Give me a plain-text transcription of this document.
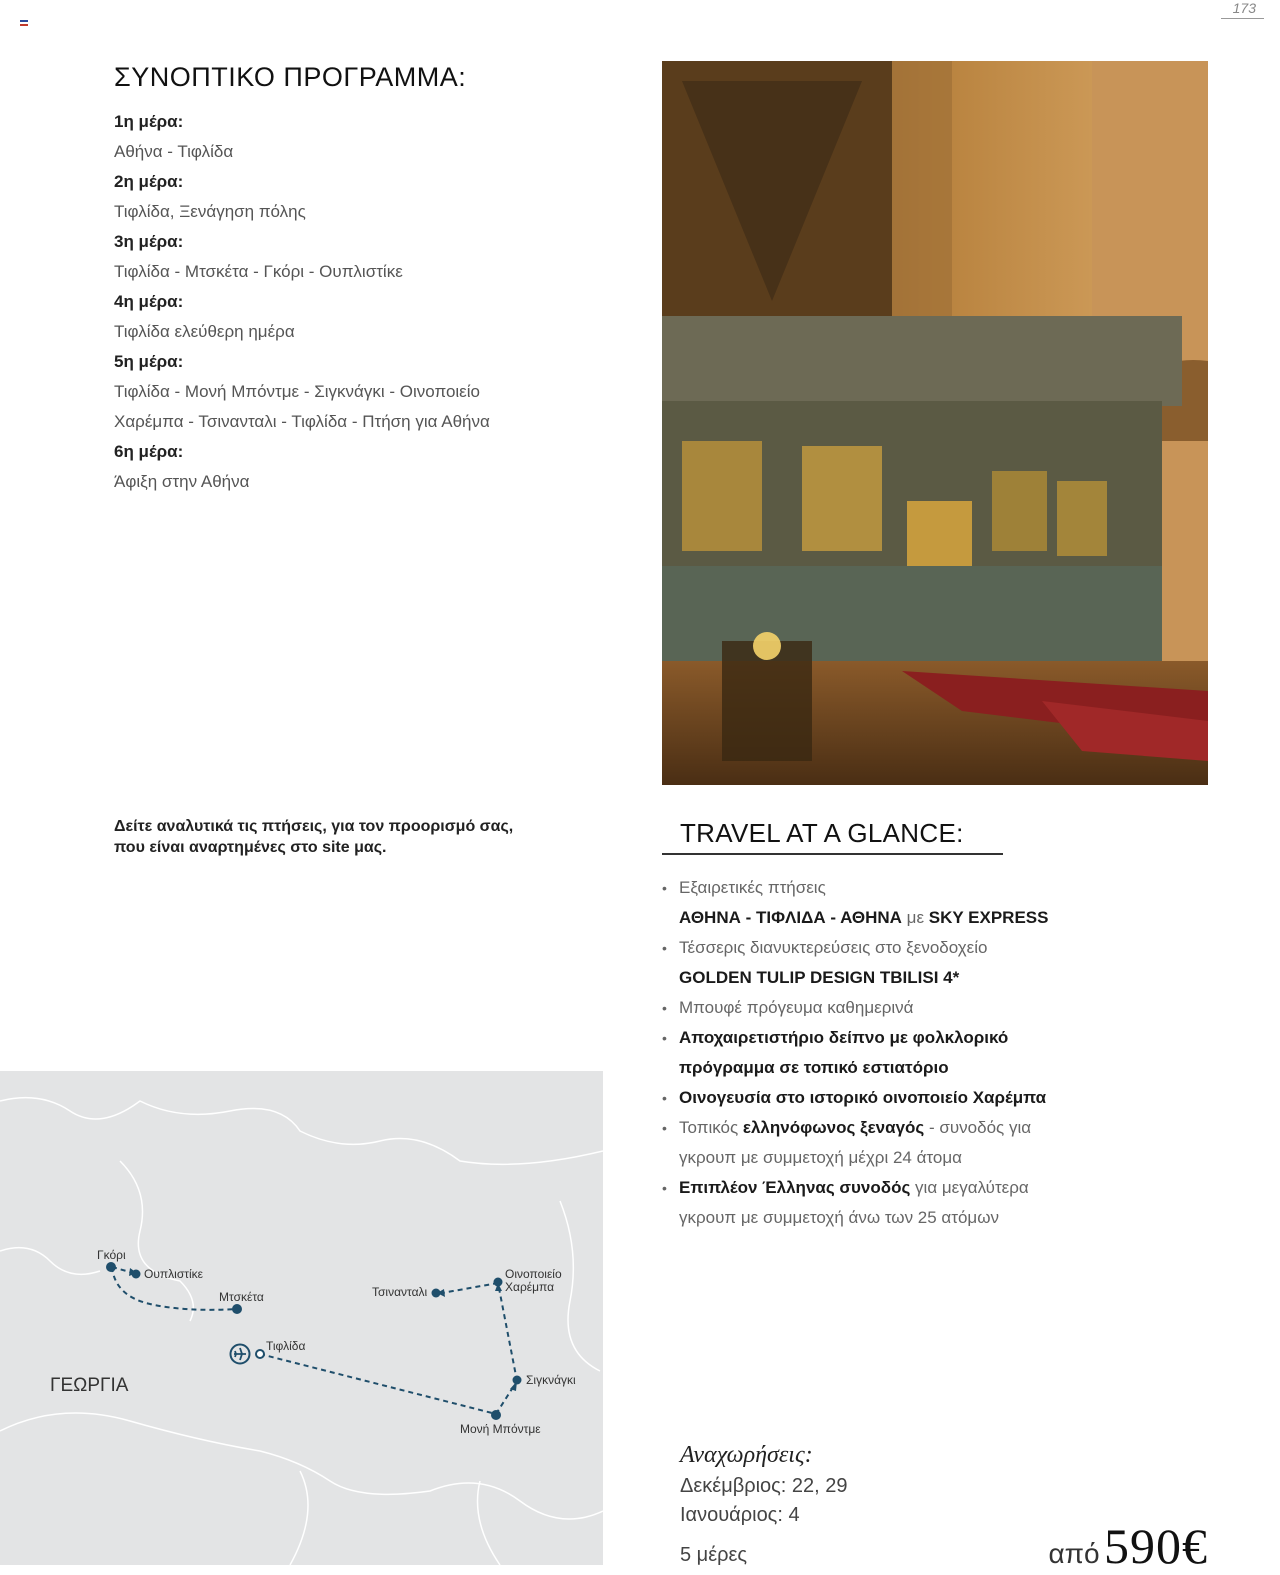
173
ΣΥΝΟΠΤΙΚΟ ΠΡΟΓΡΑΜΜΑ:
1η μέρα:
Αθήνα - Τιφλίδα
2η μέρα:
Τιφλίδα, Ξενάγηση πόλης
3η μέρα:
Τιφλίδα - Μτσκέτα - Γκόρι - Ουπλιστίκε
4η μέρα:
Τιφλίδα ελεύθερη ημέρα
5η μέρα:
Τιφλίδα - Μονή Μπόντμε - Σιγκνάγκι - Οινοποιείο
Χαρέμπα - Τσινανταλι - Τιφλίδα - Πτήση για Αθήνα
6η μέρα:
Άφιξη στην Αθήνα
Δείτε αναλυτικά τις πτήσεις, για τον προορισμό σας,
που είναι αναρτημένες στο site μας.	TRAVEL AT A GLANCE:
• Εξαιρετικές πτήσεις
ΑΘΗΝΑ - ΤΙΦΛΙΔΑ - ΑΘΗΝΑ με SKY EXPRESS
• Τέσσερις διανυκτερεύσεις στο ξενοδοχείο
GOLDEN TULIP DESIGN TBILISI 4*
• Μπουφέ πρόγευμα καθημερινά
• Αποχαιρετιστήριο δείπνο με φολκλορικό
πρόγραμμα σε τοπικό εστιατόριο
• Οινογευσία στο ιστορικό οινοποιείο Χαρέμπα
• Τοπικός ελληνόφωνος ξεναγός - συνοδός για
γκρουπ με συμμετοχή μέχρι 24 άτομα
• Επιπλέον Έλληνας συνοδός για μεγαλύτερα
γκρουπ με συμμετοχή άνω των 25 ατόμων
Γκόρι
Ουπλιστίκε
Μτσκέτα
Τιφλίδα
Τσινανταλι
Οινοποιείο
Χαρέμπα
Σιγκνάγκι
Μονή Μπόντμε
ΓΕΩΡΓΙΑ
Αναχωρήσεις:
Δεκέμβριος: 22, 29
Ιανουάριος: 4
5 μέρες	από 590€
